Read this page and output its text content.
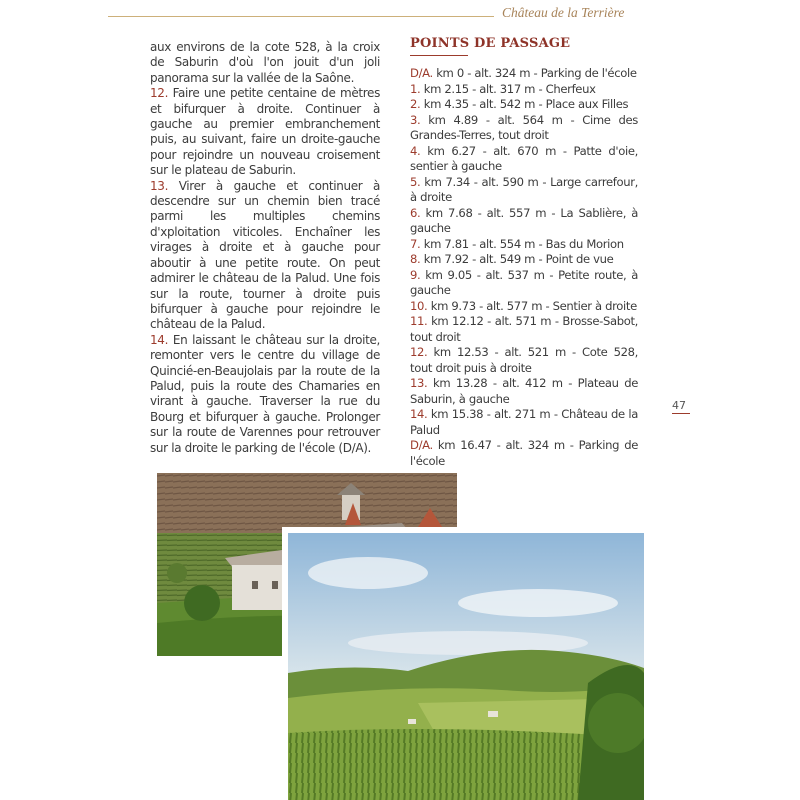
Château de la Terrière

aux environs de la cote 528, à la croix de Saburin d'où l'on jouit d'un joli panorama sur la vallée de la Saône.

12. Faire une petite centaine de mètres et bifurquer à droite. Continuer à gauche au premier embranchement puis, au suivant, faire un droite-gauche pour rejoindre un nouveau croisement sur le plateau de Saburin.

13. Virer à gauche et continuer à descendre sur un chemin bien tracé parmi les multiples chemins d'xploitation viticoles. Enchaîner les virages à droite et à gauche pour aboutir à une petite route. On peut admirer le château de la Palud. Une fois sur la route, tourner à droite puis bifurquer à gauche pour rejoindre le château de la Palud.

14. En laissant le château sur la droite, remonter vers le centre du village de Quincié-en-Beaujolais par la route de la Palud, puis la route des Chamaries en virant à gauche. Traverser la rue du Bourg et bifurquer à gauche. Prolonger sur la route de Varennes pour retrouver sur la droite le parking de l'école (D/A).

POINTS DE PASSAGE

D/A. km 0 - alt. 324 m - Parking de l'école

1. km 2.15 - alt. 317 m - Cherfeux

2. km 4.35 - alt. 542 m - Place aux Filles

3. km 4.89 - alt. 564 m - Cime des Grandes-Terres, tout droit

4. km 6.27 - alt. 670 m - Patte d'oie, sentier à gauche

5. km 7.34 - alt. 590 m - Large carrefour, à droite

6. km 7.68 - alt. 557 m - La Sablière, à gauche

7. km 7.81 - alt. 554 m - Bas du Morion

8. km 7.92 - alt. 549 m - Point de vue

9. km 9.05 - alt. 537 m - Petite route, à gauche

10. km 9.73 - alt. 577 m - Sentier à droite

11. km 12.12 - alt. 571 m - Brosse-Sabot, tout droit

12. km 12.53 - alt. 521 m - Cote 528, tout droit puis à droite

13. km 13.28 - alt. 412 m - Plateau de Saburin, à gauche

14. km 15.38 - alt. 271 m - Château de la Palud

D/A. km 16.47 - alt. 324 m - Parking de l'école

47
